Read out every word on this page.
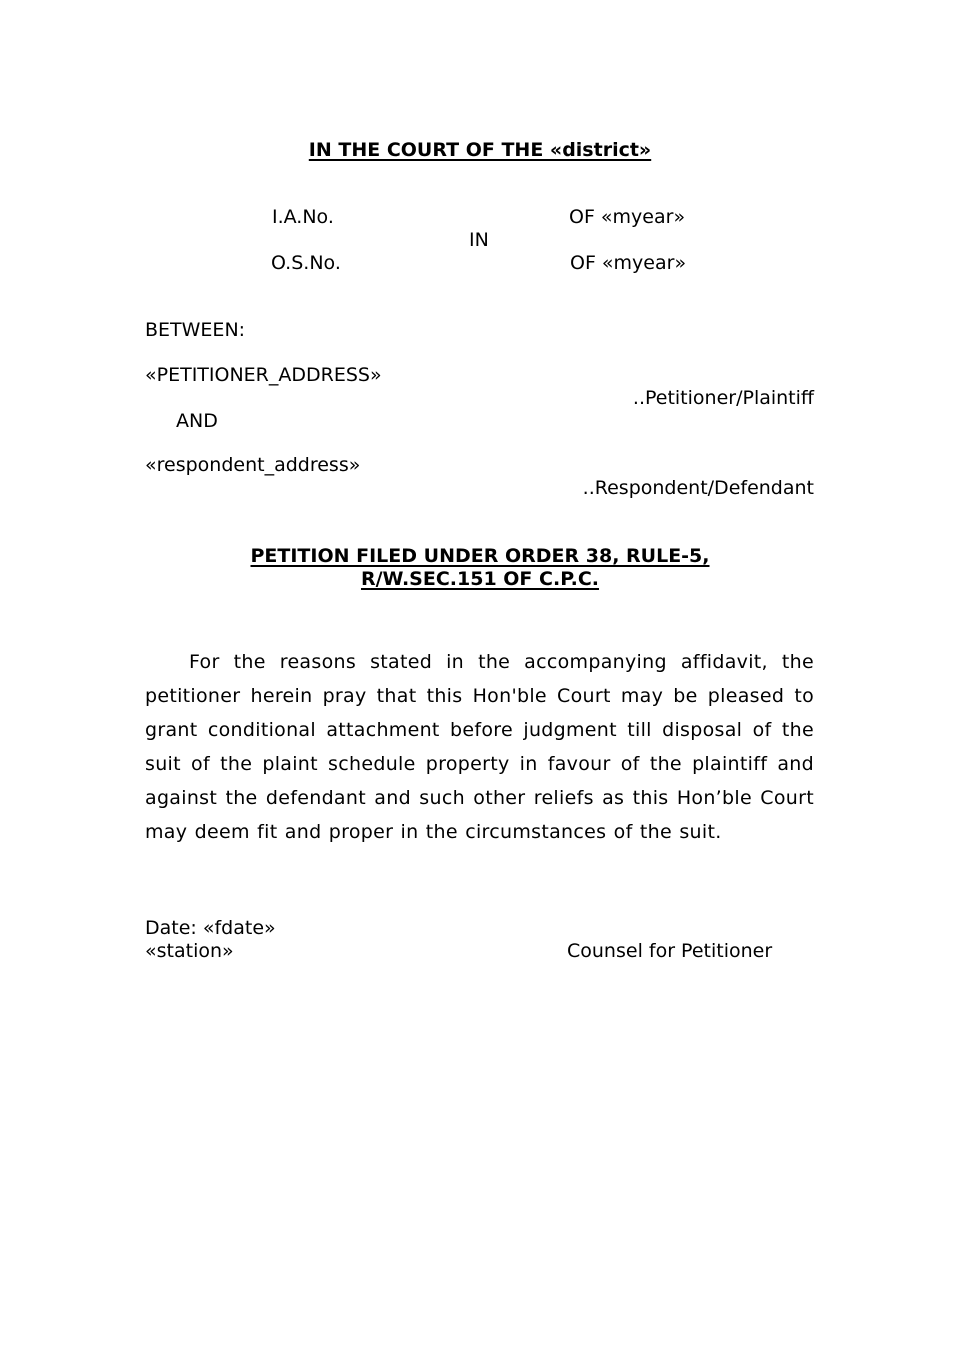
IN THE COURT OF THE «district»
I.A.No.	OF «myear»
IN
O.S.No.	OF «myear»
BETWEEN:
«PETITIONER_ADDRESS»
..Petitioner/Plaintiff
AND
«respondent_address»
..Respondent/Defendant
PETITION FILED UNDER ORDER 38, RULE-5,
R/W.SEC.151 OF C.P.C.
For the reasons stated in the accompanying affidavit, the petitioner herein pray that this Hon'ble Court may be pleased to grant conditional attachment before judgment till disposal of the suit of the plaint schedule property in favour of the plaintiff and against the defendant and such other reliefs as this Hon’ble Court may deem fit and proper in the circumstances of the suit.
Date: «fdate»
«station»	Counsel for Petitioner
